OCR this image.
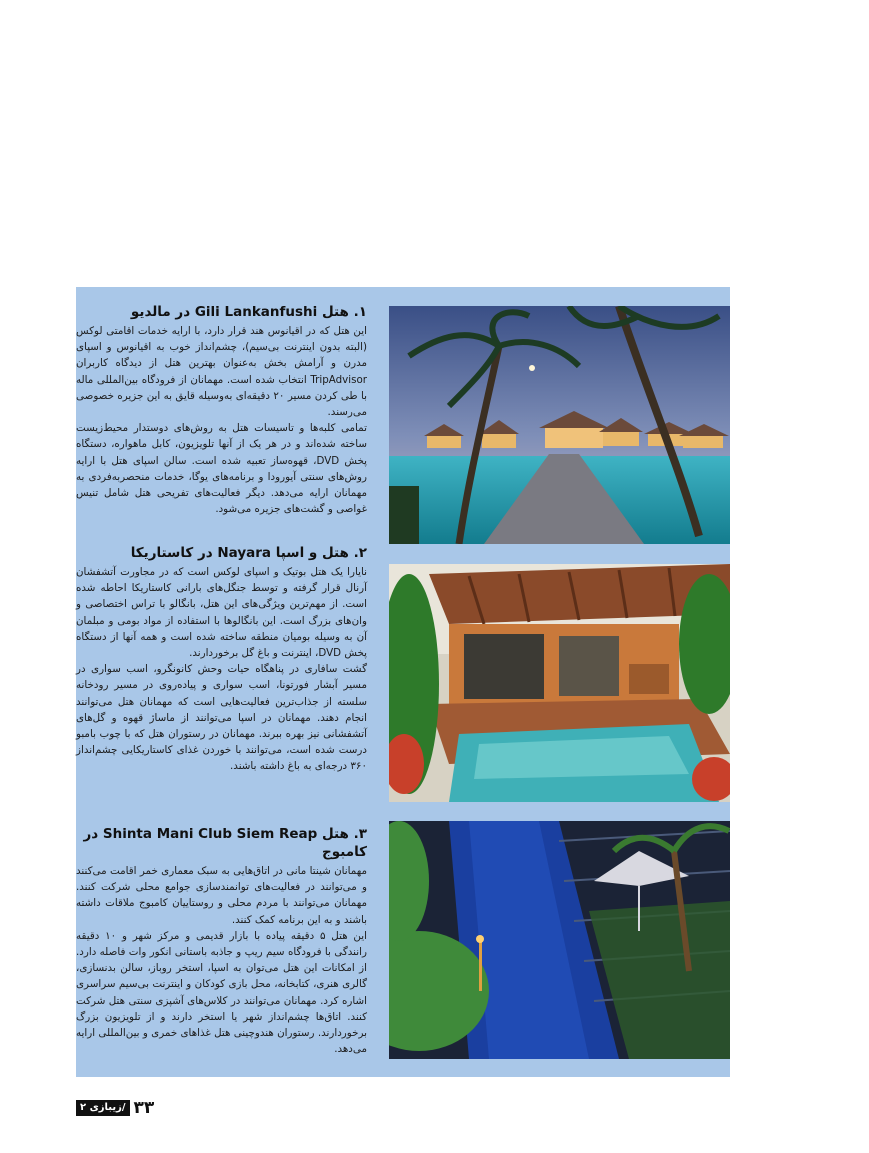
۱. هتل Gili Lankanfushi در مالدیو

این هتل که در اقیانوس هند قرار دارد، با ارایه خدمات اقامتی لوکس (البته بدون اینترنت بی‌سیم)، چشم‌انداز خوب به اقیانوس و اسپای مدرن و آرامش بخش به‌عنوان بهترین هتل از دیدگاه کاربران TripAdvisor انتخاب شده است. مهمانان از فرودگاه بین‌المللی ماله با طی کردن مسیر ۲۰ دقیقه‌ای به‌وسیله قایق به این جزیره خصوصی می‌رسند.

تمامی کلبه‌ها و تاسیسات هتل به روش‌های دوستدار محیط‌زیست ساخته شده‌اند و در هر یک از آنها تلویزیون، کابل ماهواره، دستگاه پخش DVD، قهوه‌ساز تعبیه شده است. سالن اسپای هتل با ارایه روش‌های سنتی آیورودا و برنامه‌های یوگا، خدمات منحصربه‌فردی به مهمانان ارایه می‌دهد. دیگر فعالیت‌های تفریحی هتل شامل تنیس غواصی و گشت‌های جزیره می‌شود.

۲. هتل و اسپا Nayara در کاستاریکا

نایارا یک هتل بوتیک و اسپای لوکس است که در مجاورت آتشفشان آرنال قرار گرفته و توسط جنگل‌های بارانی کاستاریکا احاطه شده است. از مهم‌ترین ویژگی‌های این هتل، بانگالو با تراس اختصاصی و وان‌های بزرگ است. این بانگالوها با استفاده از مواد بومی و مبلمان آن به وسیله بومیان منطقه ساخته شده است و همه آنها از دستگاه پخش DVD، اینترنت و باغ گل برخوردارند.

گشت سافاری در پناهگاه حیات وحش کانونگرو، اسب سواری در مسیر آبشار فورتونا، اسب سواری و پیاده‌روی در مسیر رودخانه سلسته از جذاب‌ترین فعالیت‌هایی است که مهمانان هتل می‌توانند انجام دهند. مهمانان در اسپا می‌توانند از ماساژ قهوه و گل‌های آتشفشانی نیز بهره ببرند. مهمانان در رستوران هتل که با چوب بامبو درست شده است، می‌توانند با خوردن غذای کاستاریکایی چشم‌انداز ۳۶۰ درجه‌ای به باغ داشته باشند.

۳. هتل Shinta Mani Club Siem Reap در کامبوج

مهمانان شینتا مانی در اتاق‌هایی به سبک معماری خمر اقامت می‌کنند و می‌توانند در فعالیت‌های توانمندسازی جوامع محلی شرکت کنند. مهمانان می‌توانند با مردم محلی و روستاییان کامبوج ملاقات داشته باشند و به این برنامه کمک کنند.

این هتل ۵ دقیقه پیاده با بازار قدیمی و مرکز شهر و ۱۰ دقیقه رانندگی با فرودگاه سیم ریپ و جاذبه باستانی انکور وات فاصله دارد. از امکانات این هتل می‌توان به اسپا، استخر روباز، سالن بدنسازی، گالری هنری، کتابخانه، محل بازی کودکان و اینترنت بی‌سیم سراسری اشاره کرد. مهمانان می‌توانند در کلاس‌های آشپزی سنتی هتل شرکت کنند. اتاق‌ها چشم‌انداز شهر یا استخر دارند و از تلویزیون بزرگ برخوردارند. رستوران هندوچینی هتل غذاهای خمری و بین‌المللی ارایه می‌دهد.

زیبازی ۲/ ۳۳
